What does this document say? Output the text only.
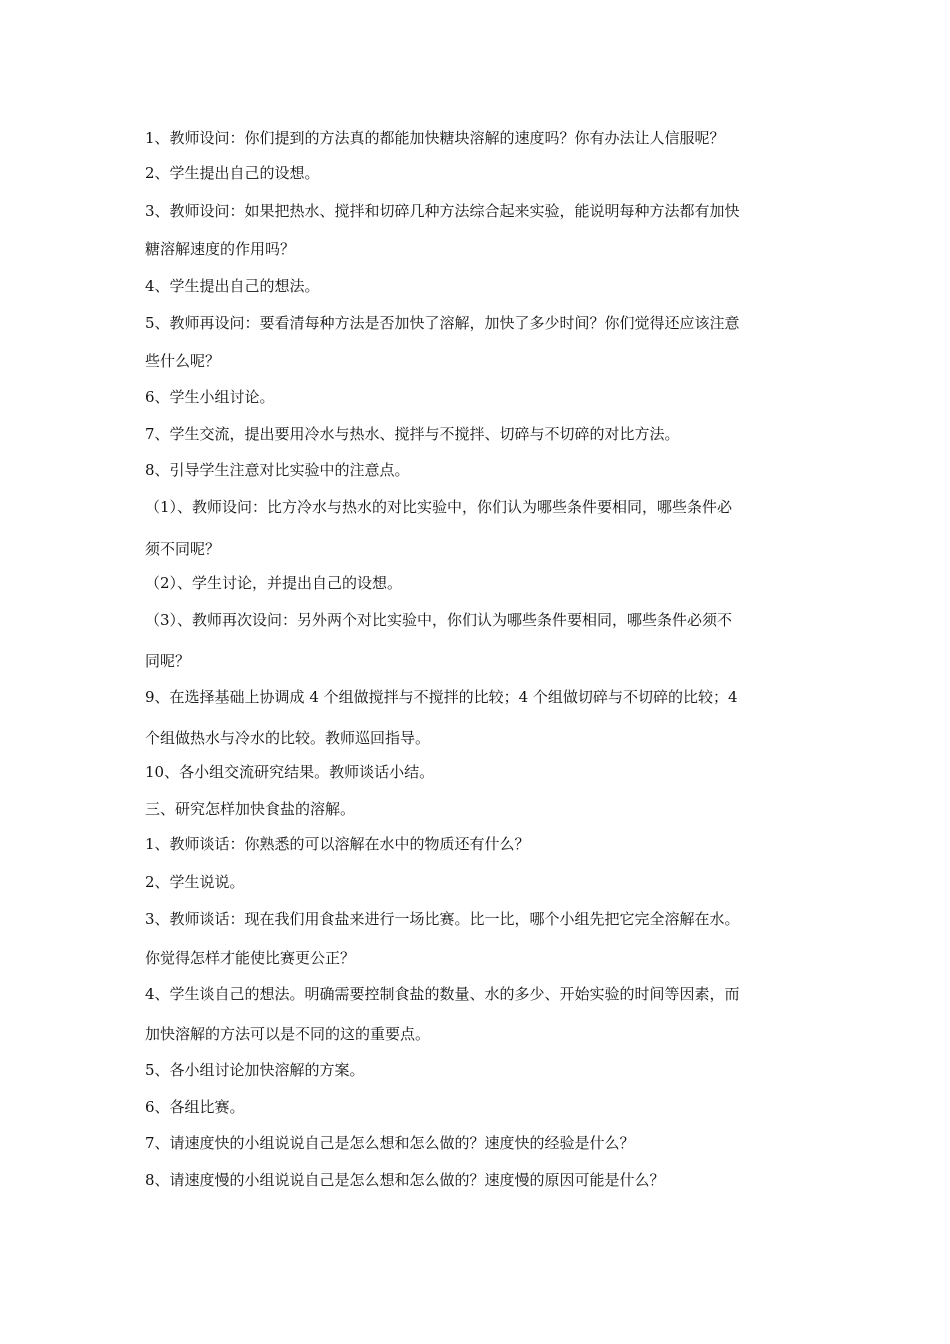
1、教师设问：你们提到的方法真的都能加快糖块溶解的速度吗？你有办法让人信服呢？
2、学生提出自己的设想。
3、教师设问：如果把热水、搅拌和切碎几种方法综合起来实验，能说明每种方法都有加快
糖溶解速度的作用吗？
4、学生提出自己的想法。
5、教师再设问：要看清每种方法是否加快了溶解，加快了多少时间？你们觉得还应该注意
些什么呢？
6、学生小组讨论。
7、学生交流，提出要用冷水与热水、搅拌与不搅拌、切碎与不切碎的对比方法。
8、引导学生注意对比实验中的注意点。
（1）、教师设问：比方冷水与热水的对比实验中，你们认为哪些条件要相同，哪些条件必
须不同呢？
（2）、学生讨论，并提出自己的设想。
（3）、教师再次设问：另外两个对比实验中，你们认为哪些条件要相同，哪些条件必须不
同呢？
9、在选择基础上协调成 4 个组做搅拌与不搅拌的比较；4 个组做切碎与不切碎的比较；4
个组做热水与冷水的比较。教师巡回指导。
10、各小组交流研究结果。教师谈话小结。
三、研究怎样加快食盐的溶解。
1、教师谈话：你熟悉的可以溶解在水中的物质还有什么？
2、学生说说。
3、教师谈话：现在我们用食盐来进行一场比赛。比一比，哪个小组先把它完全溶解在水。
你觉得怎样才能使比赛更公正？
4、学生谈自己的想法。明确需要控制食盐的数量、水的多少、开始实验的时间等因素，而
加快溶解的方法可以是不同的这的重要点。
5、各小组讨论加快溶解的方案。
6、各组比赛。
7、请速度快的小组说说自己是怎么想和怎么做的？速度快的经验是什么？
8、请速度慢的小组说说自己是怎么想和怎么做的？速度慢的原因可能是什么？
